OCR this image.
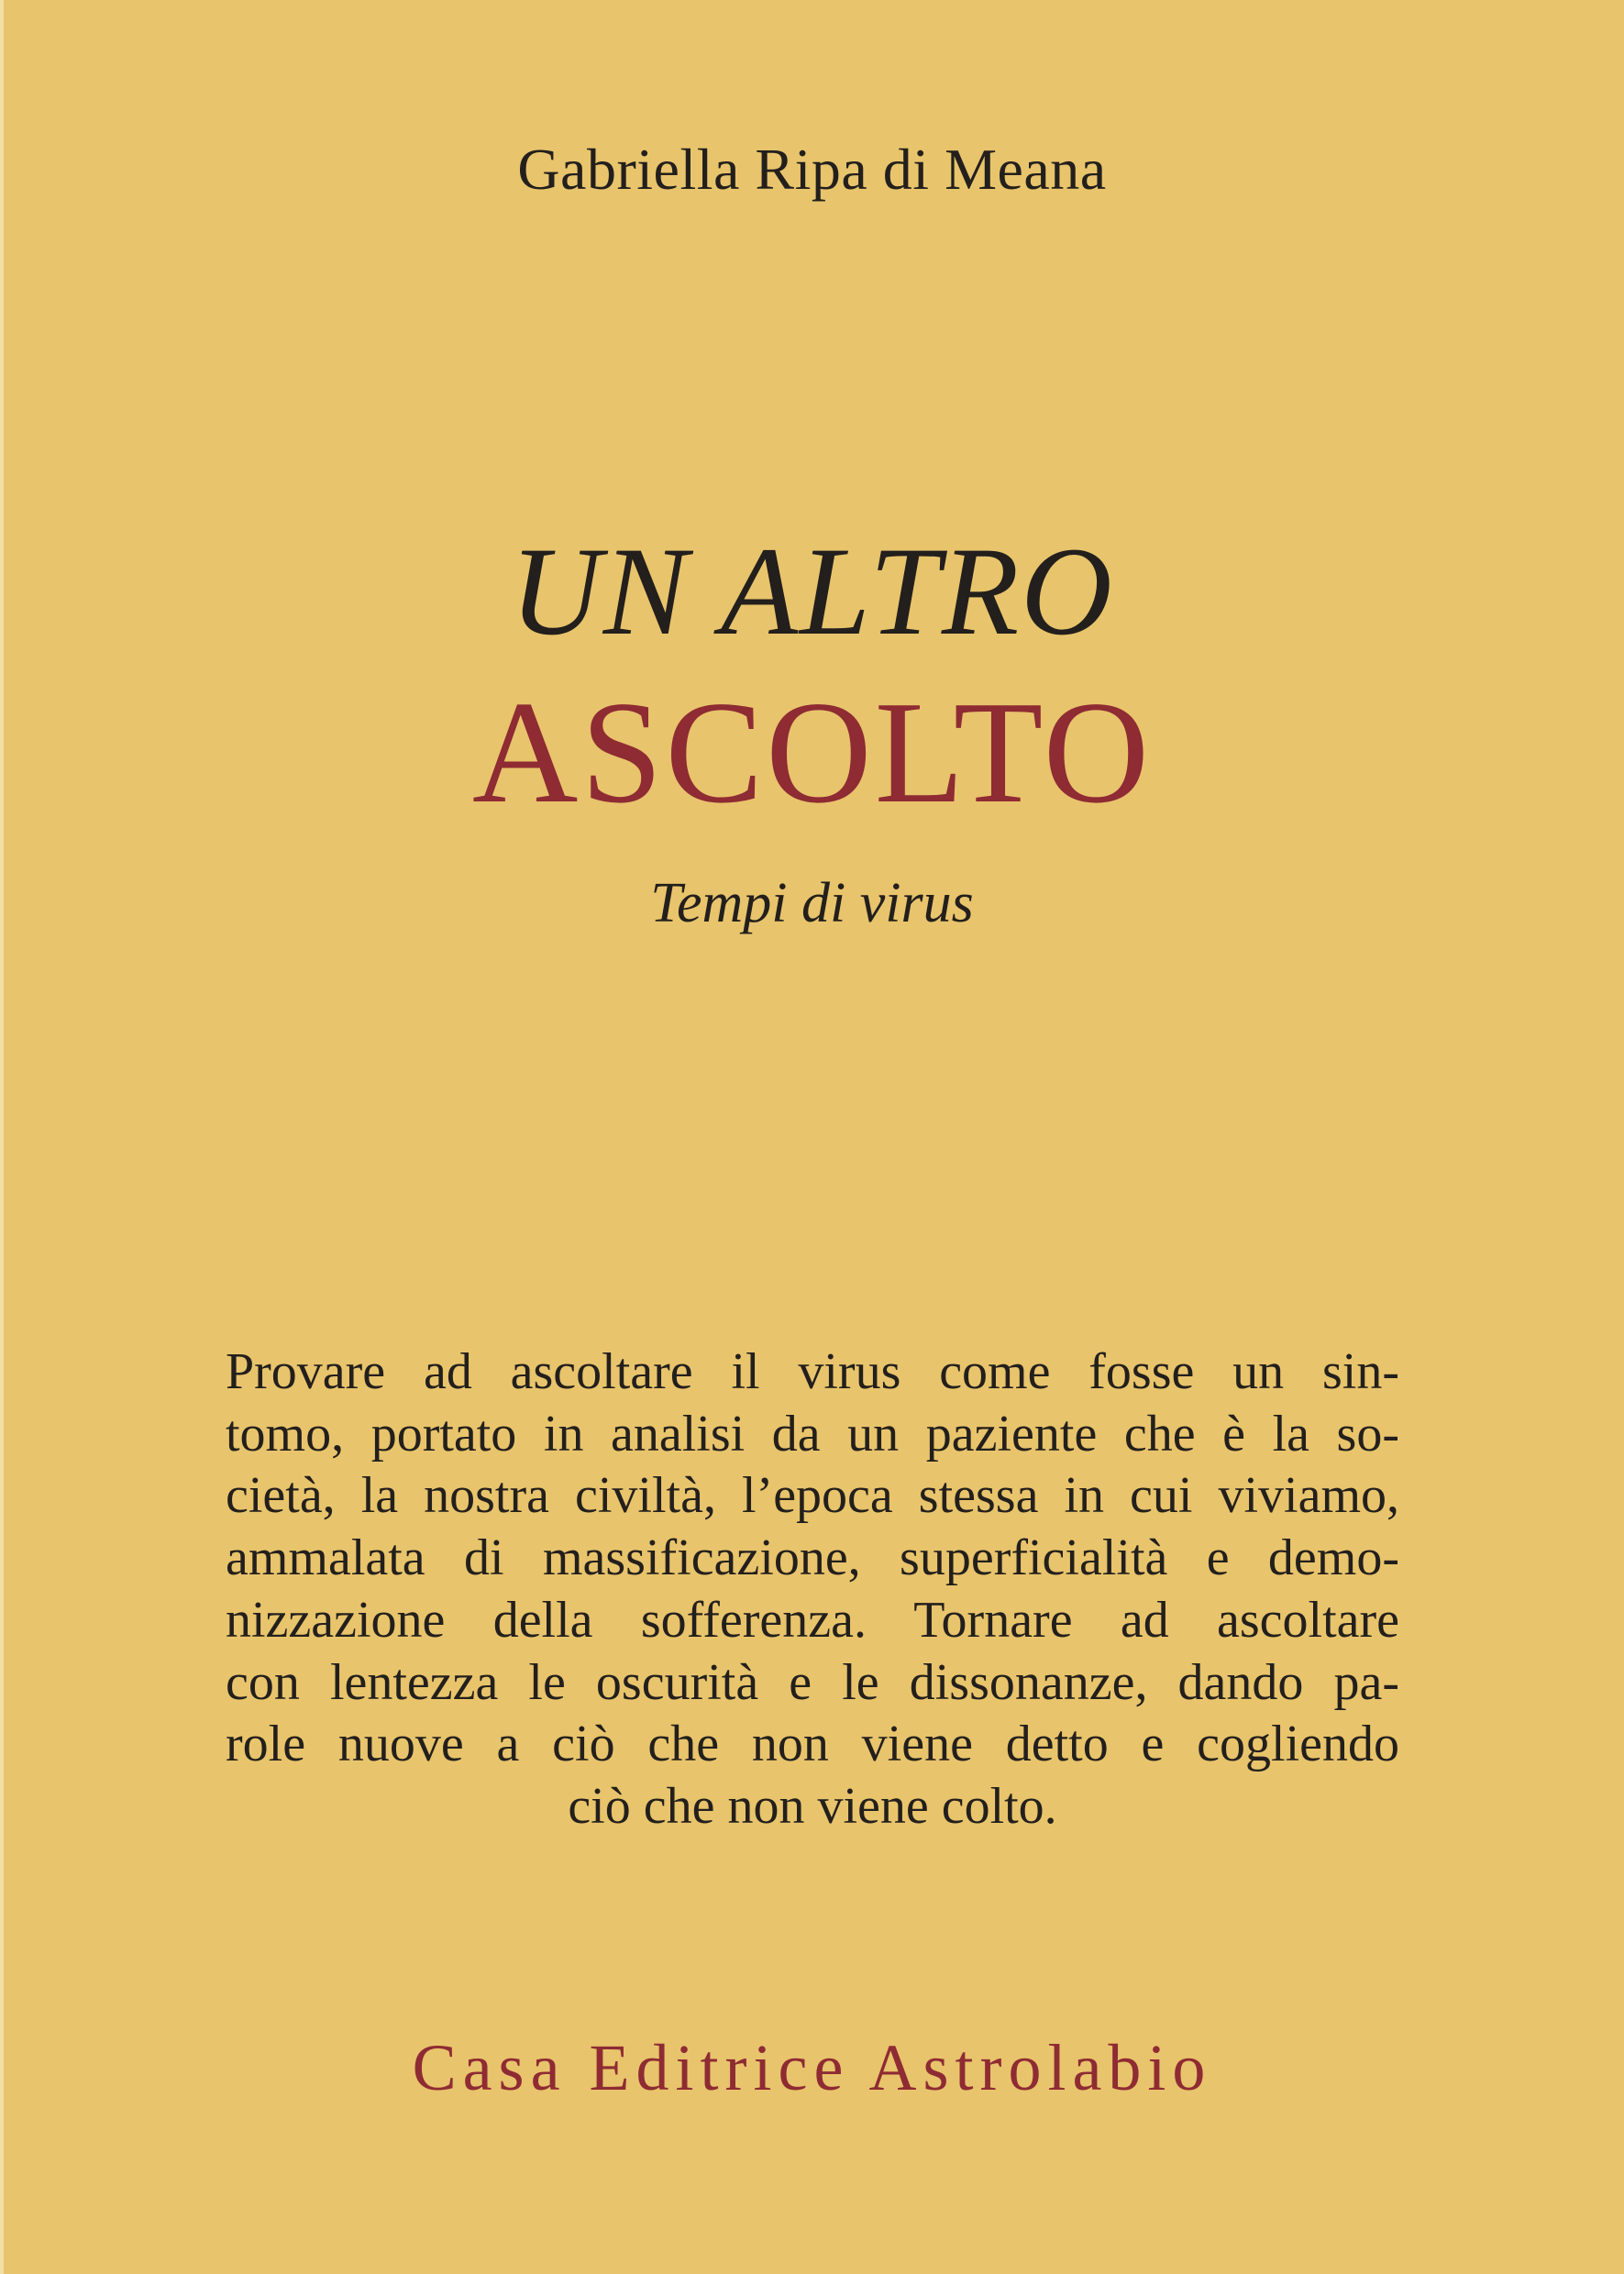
Gabriella Ripa di Meana
UN ALTRO
ASCOLTO
Tempi di virus
Provare ad ascoltare il virus come fosse un sin-
tomo, portato in analisi da un paziente che è la so-
cietà, la nostra civiltà, l’epoca stessa in cui viviamo,
ammalata di massificazione, superficialità e demo-
nizzazione della sofferenza. Tornare ad ascoltare
con lentezza le oscurità e le dissonanze, dando pa-
role nuove a ciò che non viene detto e cogliendo
ciò che non viene colto.
Casa Editrice Astrolabio
